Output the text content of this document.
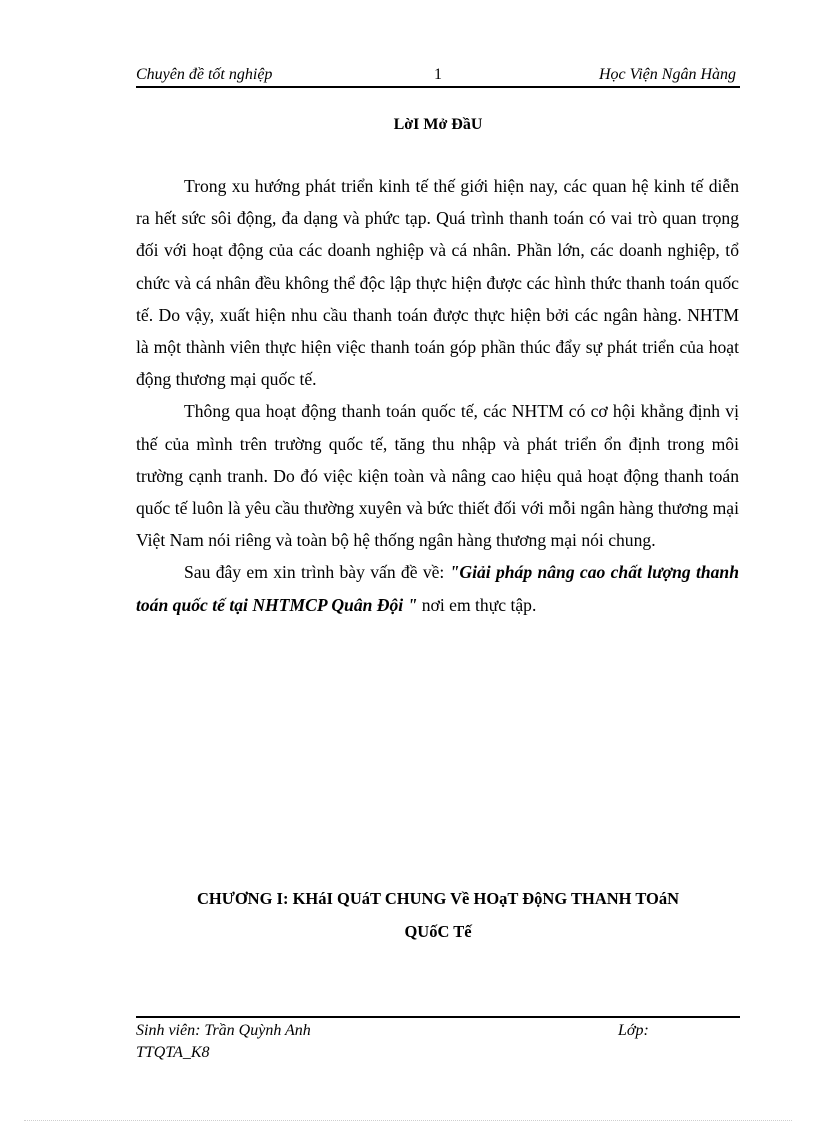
Chuyên đề tốt nghiệp	1	Học Viện Ngân Hàng
LờI Mở ĐầU

Trong xu hướng phát triển kinh tế thế giới hiện nay, các quan hệ kinh tế diễn ra hết sức sôi động, đa dạng và phức tạp. Quá trình thanh toán có vai trò quan trọng đối với hoạt động của các doanh nghiệp và cá nhân. Phần lớn, các doanh nghiệp, tổ chức và cá nhân đều không thể độc lập thực hiện được các hình thức thanh toán quốc tế. Do vậy, xuất hiện nhu cầu thanh toán được thực hiện bởi các ngân hàng. NHTM là một thành viên thực hiện việc thanh toán góp phần thúc đẩy sự phát triển của hoạt động thương mại quốc tế.

Thông qua hoạt động thanh toán quốc tế, các NHTM có cơ hội khẳng định vị thế của mình trên trường quốc tế, tăng thu nhập và phát triển ổn định trong môi trường cạnh tranh. Do đó việc kiện toàn và nâng cao hiệu quả hoạt động thanh toán quốc tế luôn là yêu cầu thường xuyên và bức thiết đối với mỗi ngân hàng thương mại Việt Nam nói riêng và toàn bộ hệ thống ngân hàng thương mại nói chung.

Sau đây em xin trình bày vấn đề về: "Giải pháp nâng cao chất lượng thanh toán quốc tế tại NHTMCP Quân Đội " nơi em thực tập.

CHƯƠNG I: KHáI QUáT CHUNG Về HOạT ĐộNG THANH TOáN
QUốC Tế
Sinh viên: Trần Quỳnh Anh	Lớp:
TTQTA_K8
